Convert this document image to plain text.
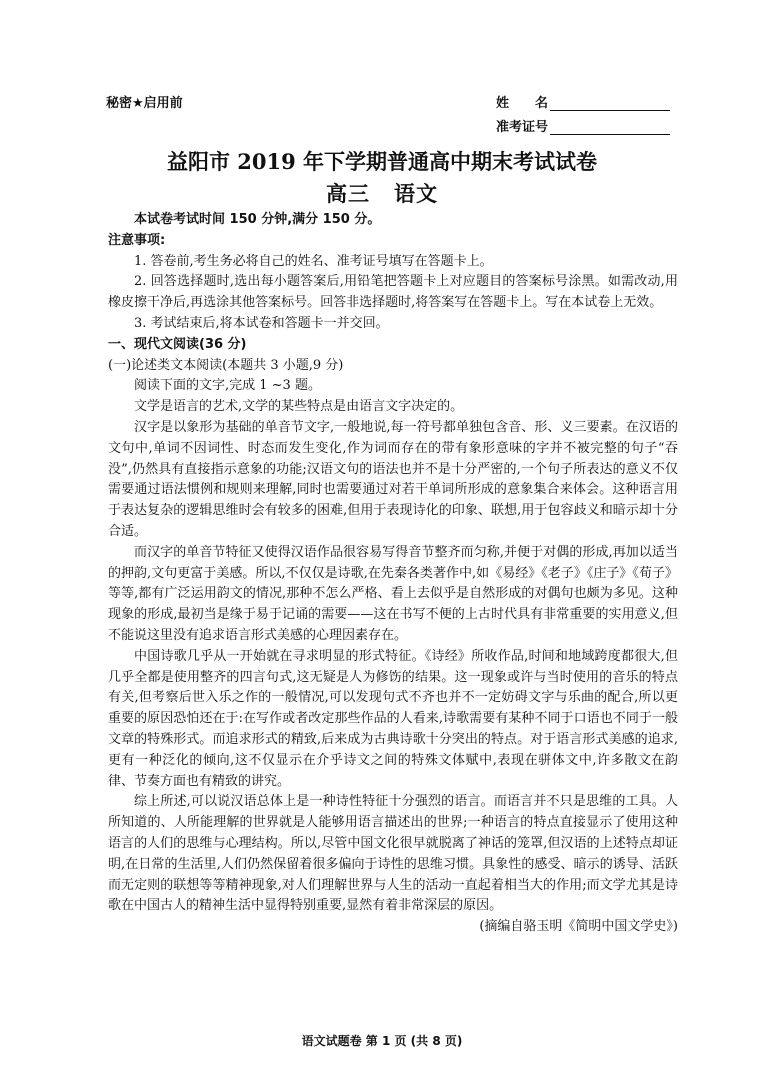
秘密★启用前	姓　　名
准考证号
益阳市 2019 年下学期普通高中期末考试试卷
高三 语文

本试卷考试时间 150 分钟,满分 150 分。

注意事项:

1. 答卷前,考生务必将自己的姓名、准考证号填写在答题卡上。

2. 回答选择题时,选出每小题答案后,用铅笔把答题卡上对应题目的答案标号涂黑。如需改动,用橡皮擦干净后,再选涂其他答案标号。回答非选择题时,将答案写在答题卡上。写在本试卷上无效。

3. 考试结束后,将本试卷和答题卡一并交回。

一、现代文阅读(36 分)

(一)论述类文本阅读(本题共 3 小题,9 分)

阅读下面的文字,完成 1 ~3 题。

文学是语言的艺术,文学的某些特点是由语言文字决定的。

汉字是以象形为基础的单音节文字,一般地说,每一符号都单独包含音、形、义三要素。在汉语的文句中,单词不因词性、时态而发生变化,作为词而存在的带有象形意味的字并不被完整的句子“吞没”,仍然具有直接指示意象的功能;汉语文句的语法也并不是十分严密的,一个句子所表达的意义不仅需要通过语法惯例和规则来理解,同时也需要通过对若干单词所形成的意象集合来体会。这种语言用于表达复杂的逻辑思维时会有较多的困难,但用于表现诗化的印象、联想,用于包容歧义和暗示却十分合适。

而汉字的单音节特征又使得汉语作品很容易写得音节整齐而匀称,并便于对偶的形成,再加以适当的押韵,文句更富于美感。所以,不仅仅是诗歌,在先秦各类著作中,如《易经》《老子》《庄子》《荀子》等等,都有广泛运用韵文的情况,那种不怎么严格、看上去似乎是自然形成的对偶句也颇为多见。这种现象的形成,最初当是缘于易于记诵的需要——这在书写不便的上古时代具有非常重要的实用意义,但不能说这里没有追求语言形式美感的心理因素存在。

中国诗歌几乎从一开始就在寻求明显的形式特征。《诗经》所收作品,时间和地域跨度都很大,但几乎全都是使用整齐的四言句式,这无疑是人为修饬的结果。这一现象或许与当时使用的音乐的特点有关,但考察后世入乐之作的一般情况,可以发现句式不齐也并不一定妨碍文字与乐曲的配合,所以更重要的原因恐怕还在于:在写作或者改定那些作品的人看来,诗歌需要有某种不同于口语也不同于一般文章的特殊形式。而追求形式的精致,后来成为古典诗歌十分突出的特点。对于语言形式美感的追求,更有一种泛化的倾向,这不仅显示在介乎诗文之间的特殊文体赋中,表现在骈体文中,许多散文在韵律、节奏方面也有精致的讲究。

综上所述,可以说汉语总体上是一种诗性特征十分强烈的语言。而语言并不只是思维的工具。人所知道的、人所能理解的世界就是人能够用语言描述出的世界;一种语言的特点直接显示了使用这种语言的人们的思维与心理结构。所以,尽管中国文化很早就脱离了神话的笼罩,但汉语的上述特点却证明,在日常的生活里,人们仍然保留着很多偏向于诗性的思维习惯。具象性的感受、暗示的诱导、活跃而无定则的联想等等精神现象,对人们理解世界与人生的活动一直起着相当大的作用;而文学尤其是诗歌在中国古人的精神生活中显得特别重要,显然有着非常深层的原因。

(摘编自骆玉明《简明中国文学史》)

语文试题卷 第 1 页 (共 8 页)
